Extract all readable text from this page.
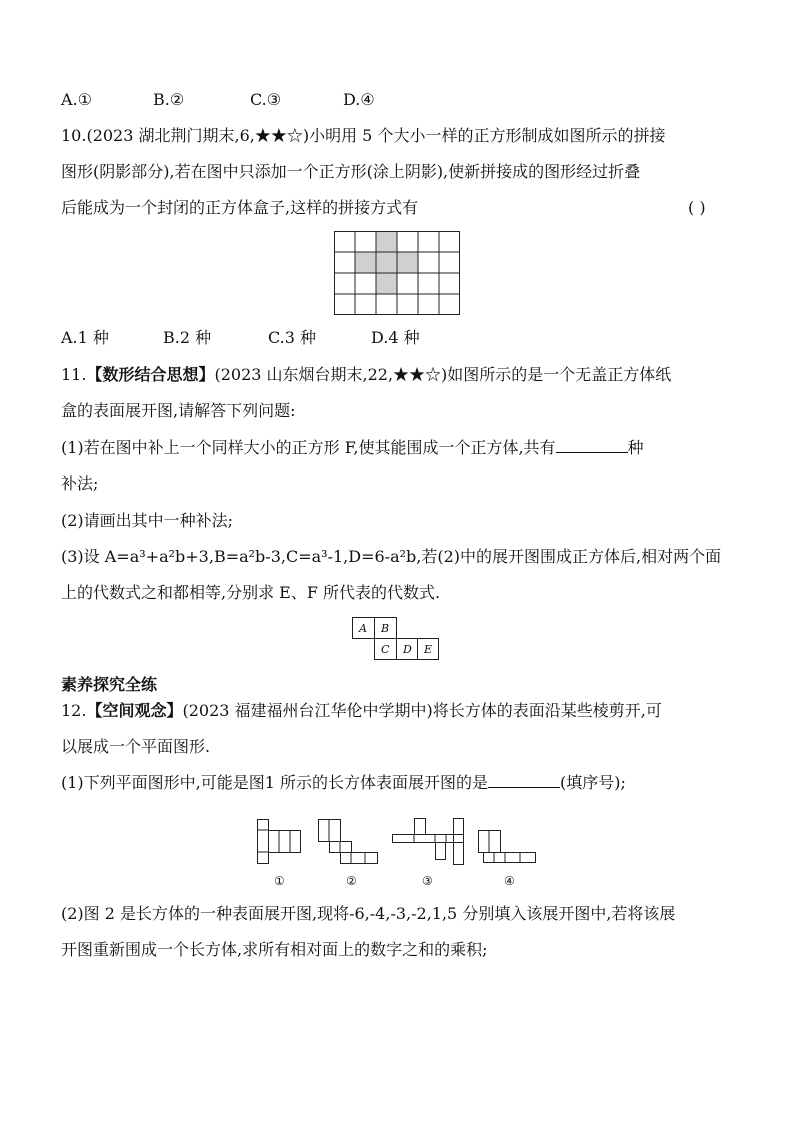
A.①	B.②	C.③	D.④
10.(2023 湖北荆门期末,6,★★☆)小明用 5 个大小一样的正方形制成如图所示的拼接
图形(阴影部分),若在图中只添加一个正方形(涂上阴影),使新拼接成的图形经过折叠
后能成为一个封闭的正方体盒子,这样的拼接方式有	( )
A.1 种	B.2 种	C.3 种	D.4 种
11.【数形结合思想】(2023 山东烟台期末,22,★★☆)如图所示的是一个无盖正方体纸
盒的表面展开图,请解答下列问题:
(1)若在图中补上一个同样大小的正方形 F,使其能围成一个正方体,共有	种
补法;
(2)请画出其中一种补法;
(3)设 A=a³+a²b+3,B=a²b-3,C=a³-1,D=6-a²b,若(2)中的展开图围成正方体后,相对两个面
上的代数式之和都相等,分别求 E、F 所代表的代数式.
A B
C D E
素养探究全练
12.【空间观念】(2023 福建福州台江华伦中学期中)将长方体的表面沿某些棱剪开,可
以展成一个平面图形.
(1)下列平面图形中,可能是图1 所示的长方体表面展开图的是	(填序号);
①	②	③	④
(2)图 2 是长方体的一种表面展开图,现将-6,-4,-3,-2,1,5 分别填入该展开图中,若将该展
开图重新围成一个长方体,求所有相对面上的数字之和的乘积;
